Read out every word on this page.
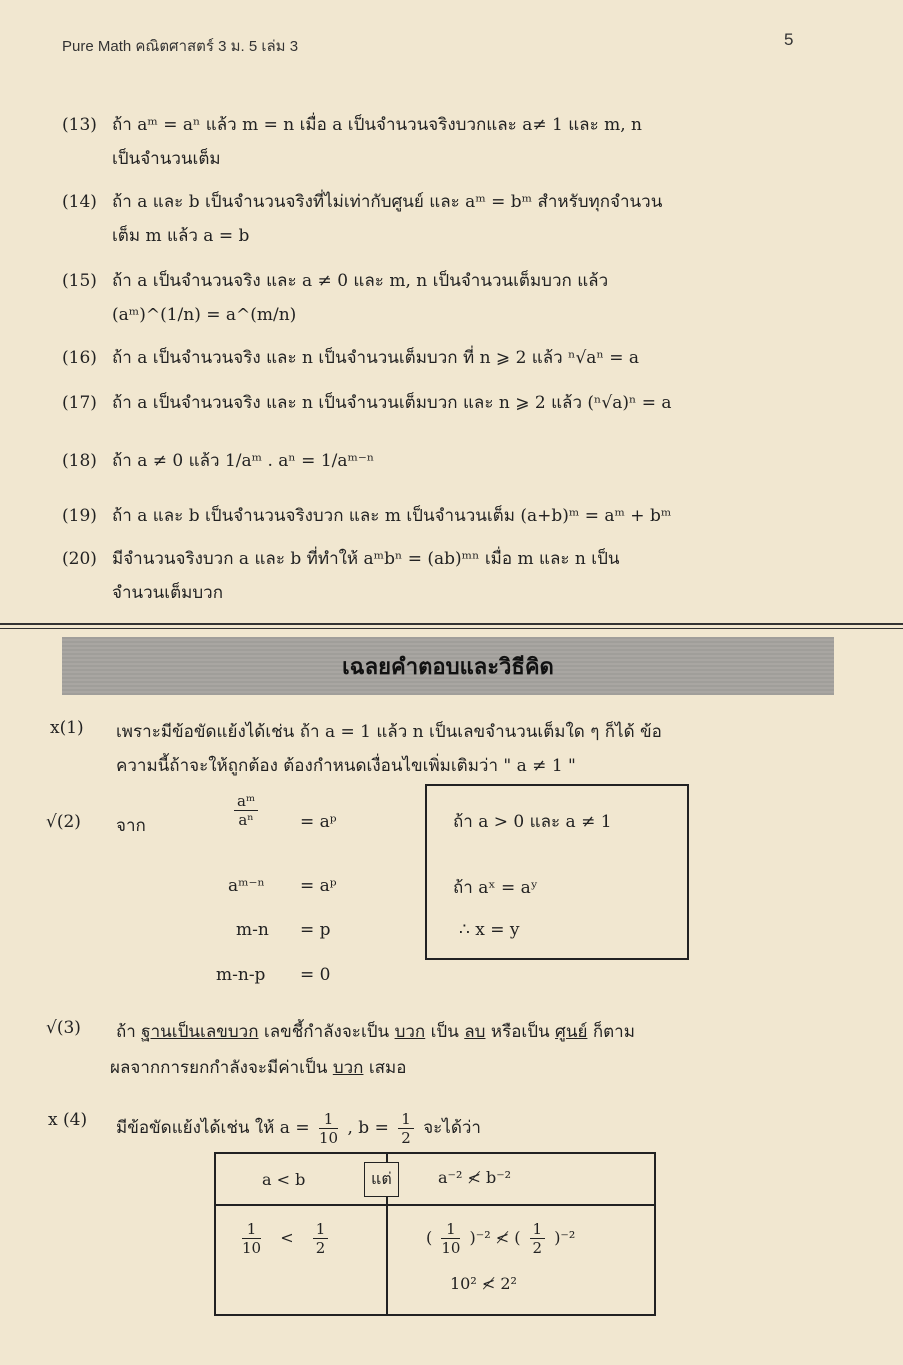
Pure Math คณิตศาสตร์ 3 ม. 5 เล่ม 3	5
(13) ถ้า aᵐ = aⁿ แล้ว m = n เมื่อ a เป็นจำนวนจริงบวกและ a≠ 1 และ m, n
เป็นจำนวนเต็ม
(14) ถ้า a และ b เป็นจำนวนจริงที่ไม่เท่ากับศูนย์ และ aᵐ = bᵐ สำหรับทุกจำนวน
เต็ม m แล้ว a = b
(15) ถ้า a เป็นจำนวนจริง และ a ≠ 0 และ m, n เป็นจำนวนเต็มบวก แล้ว
(aᵐ)^(1/n) = a^(m/n)
(16) ถ้า a เป็นจำนวนจริง และ n เป็นจำนวนเต็มบวก ที่ n ⩾ 2 แล้ว ⁿ√aⁿ = a
(17) ถ้า a เป็นจำนวนจริง และ n เป็นจำนวนเต็มบวก และ n ⩾ 2 แล้ว (ⁿ√a)ⁿ = a
(18) ถ้า a ≠ 0 แล้ว 1/aᵐ . aⁿ = 1/aᵐ⁻ⁿ
(19) ถ้า a และ b เป็นจำนวนจริงบวก และ m เป็นจำนวนเต็ม (a+b)ᵐ = aᵐ + bᵐ
(20) มีจำนวนจริงบวก a และ b ที่ทำให้ aᵐbⁿ = (ab)ᵐⁿ เมื่อ m และ n เป็น
จำนวนเต็มบวก
เฉลยคำตอบและวิธีคิด
x(1) เพราะมีข้อขัดแย้งได้เช่น ถ้า a = 1 แล้ว n เป็นเลขจำนวนเต็มใด ๆ ก็ได้ ข้อ
ความนี้ถ้าจะให้ถูกต้อง ต้องกำหนดเงื่อนไขเพิ่มเติมว่า " a ≠ 1 "
√(2) จาก	$\frac{\text{aᵐ}}{\text{aⁿ}}$ = aᵖ
aᵐ⁻ⁿ = aᵖ
m-n = p
m-n-p = 0
ถ้า a > 0 และ a ≠ 1
ถ้า aˣ = aʸ
∴ x = y
√(3) ถ้า ฐานเป็นเลขบวก เลขชี้กำลังจะเป็น บวก เป็น ลบ หรือเป็น ศูนย์ ก็ตาม
ผลจากการยกกำลังจะมีค่าเป็น บวก เสมอ
x (4) มีข้อขัดแย้งได้เช่น ให้ $a = \frac{1}{10}$ , $b = \frac{1}{2}$ จะได้ว่า
a < b	แต่	a⁻² ≮ b⁻²
$\frac{1}{10} < \frac{1}{2}$	( $\frac{1}{10} )^{-2}$ ≮ ( $\frac{1}{2} )^{-2}$
10² ≮ 2²
